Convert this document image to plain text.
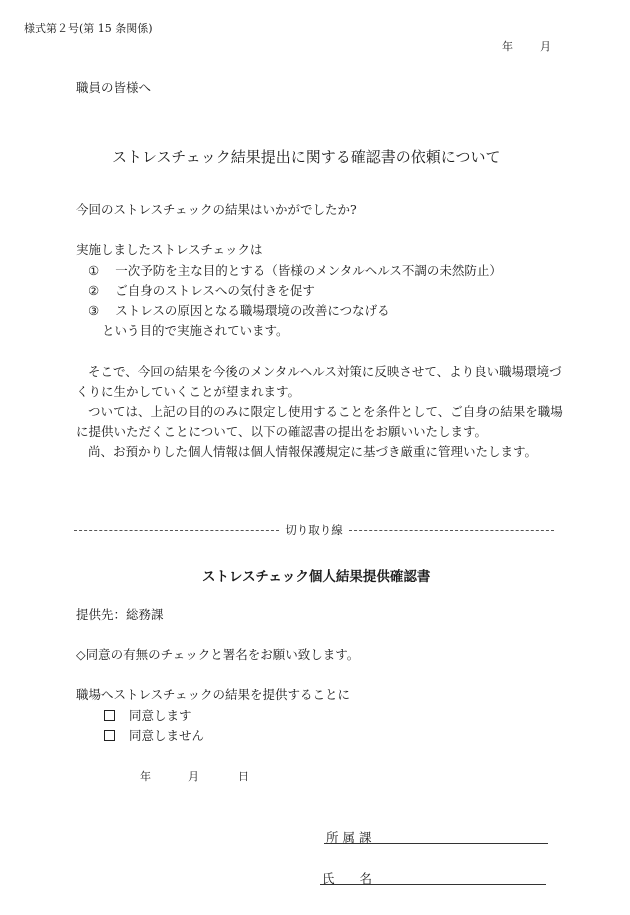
様式第２号(第 15 条関係)
年 月
職員の皆様へ
ストレスチェック結果提出に関する確認書の依頼について
今回のストレスチェックの結果はいかがでしたか?
実施しましたストレスチェックは
① 一次予防を主な目的とする（皆様のメンタルヘルス不調の未然防止）
② ご自身のストレスへの気付きを促す
③ ストレスの原因となる職場環境の改善につなげる
という目的で実施されています。
そこで、今回の結果を今後のメンタルヘルス対策に反映させて、より良い職場環境づ
くりに生かしていくことが望まれます。
ついては、上記の目的のみに限定し使用することを条件として、ご自身の結果を職場
に提供いただくことについて、以下の確認書の提出をお願いいたします。
尚、お預かりした個人情報は個人情報保護規定に基づき厳重に管理いたします。
切り取り線
ストレスチェック個人結果提供確認書
提供先：総務課
◇同意の有無のチェックと署名をお願い致します。
職場へストレスチェックの結果を提供することに
同意します
同意しません
年	月	日
所 属 課
氏　　名
